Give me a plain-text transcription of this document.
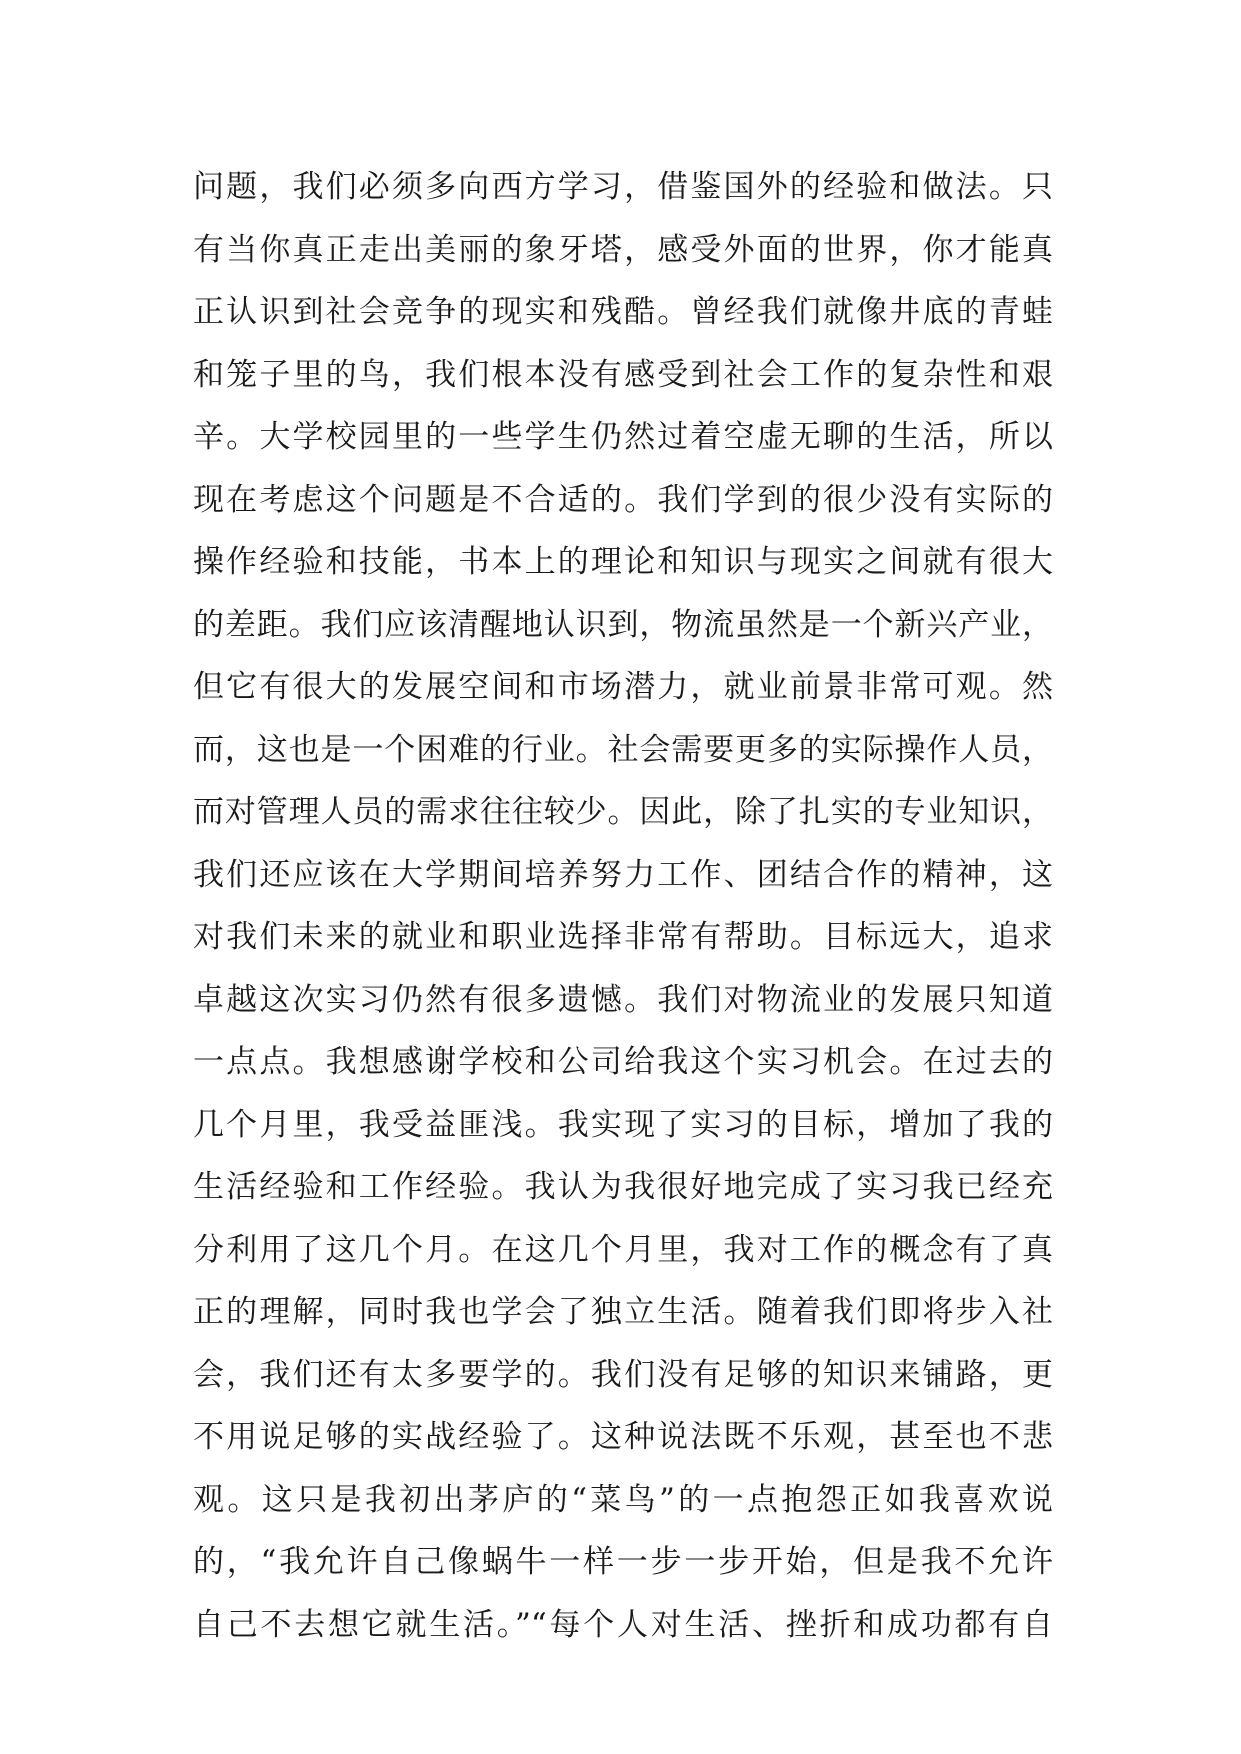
问题，我们必须多向西方学习，借鉴国外的经验和做法。只
有当你真正走出美丽的象牙塔，感受外面的世界，你才能真
正认识到社会竞争的现实和残酷。曾经我们就像井底的青蛙
和笼子里的鸟，我们根本没有感受到社会工作的复杂性和艰
辛。大学校园里的一些学生仍然过着空虚无聊的生活，所以
现在考虑这个问题是不合适的。我们学到的很少没有实际的
操作经验和技能，书本上的理论和知识与现实之间就有很大
的差距。我们应该清醒地认识到，物流虽然是一个新兴产业，
但它有很大的发展空间和市场潜力，就业前景非常可观。然
而，这也是一个困难的行业。社会需要更多的实际操作人员，
而对管理人员的需求往往较少。因此，除了扎实的专业知识，
我们还应该在大学期间培养努力工作、团结合作的精神，这
对我们未来的就业和职业选择非常有帮助。目标远大，追求
卓越这次实习仍然有很多遗憾。我们对物流业的发展只知道
一点点。我想感谢学校和公司给我这个实习机会。在过去的
几个月里，我受益匪浅。我实现了实习的目标，增加了我的
生活经验和工作经验。我认为我很好地完成了实习我已经充
分利用了这几个月。在这几个月里，我对工作的概念有了真
正的理解，同时我也学会了独立生活。随着我们即将步入社
会，我们还有太多要学的。我们没有足够的知识来铺路，更
不用说足够的实战经验了。这种说法既不乐观，甚至也不悲
观。这只是我初出茅庐的“菜鸟”的一点抱怨正如我喜欢说
的，“我允许自己像蜗牛一样一步一步开始，但是我不允许
自己不去想它就生活。”“每个人对生活、挫折和成功都有自
